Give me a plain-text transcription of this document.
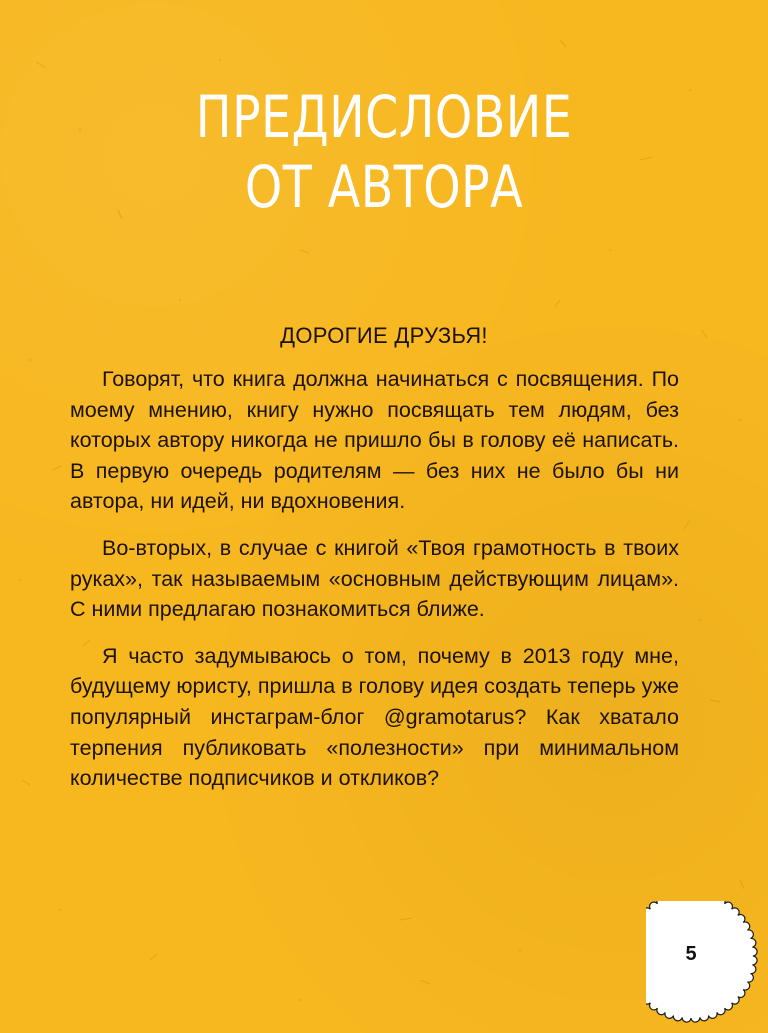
ПРЕДИСЛОВИЕ
ОТ АВТОРА
ДОРОГИЕ ДРУЗЬЯ!

Говорят, что книга должна начинаться с посвящения. По моему мнению, книгу нужно посвящать тем людям, без которых автору никогда не пришло бы в голову её написать. В первую очередь родителям — без них не было бы ни автора, ни идей, ни вдохновения.

Во-вторых, в случае с книгой «Твоя грамотность в твоих руках», так называемым «основным действующим лицам». С ними предлагаю познакомиться ближе.

Я часто задумываюсь о том, почему в 2013 году мне, будущему юристу, пришла в голову идея создать теперь уже популярный инстаграм-блог @gramotarus? Как хватало терпения публиковать «полезности» при минимальном количестве подписчиков и откликов?

5
